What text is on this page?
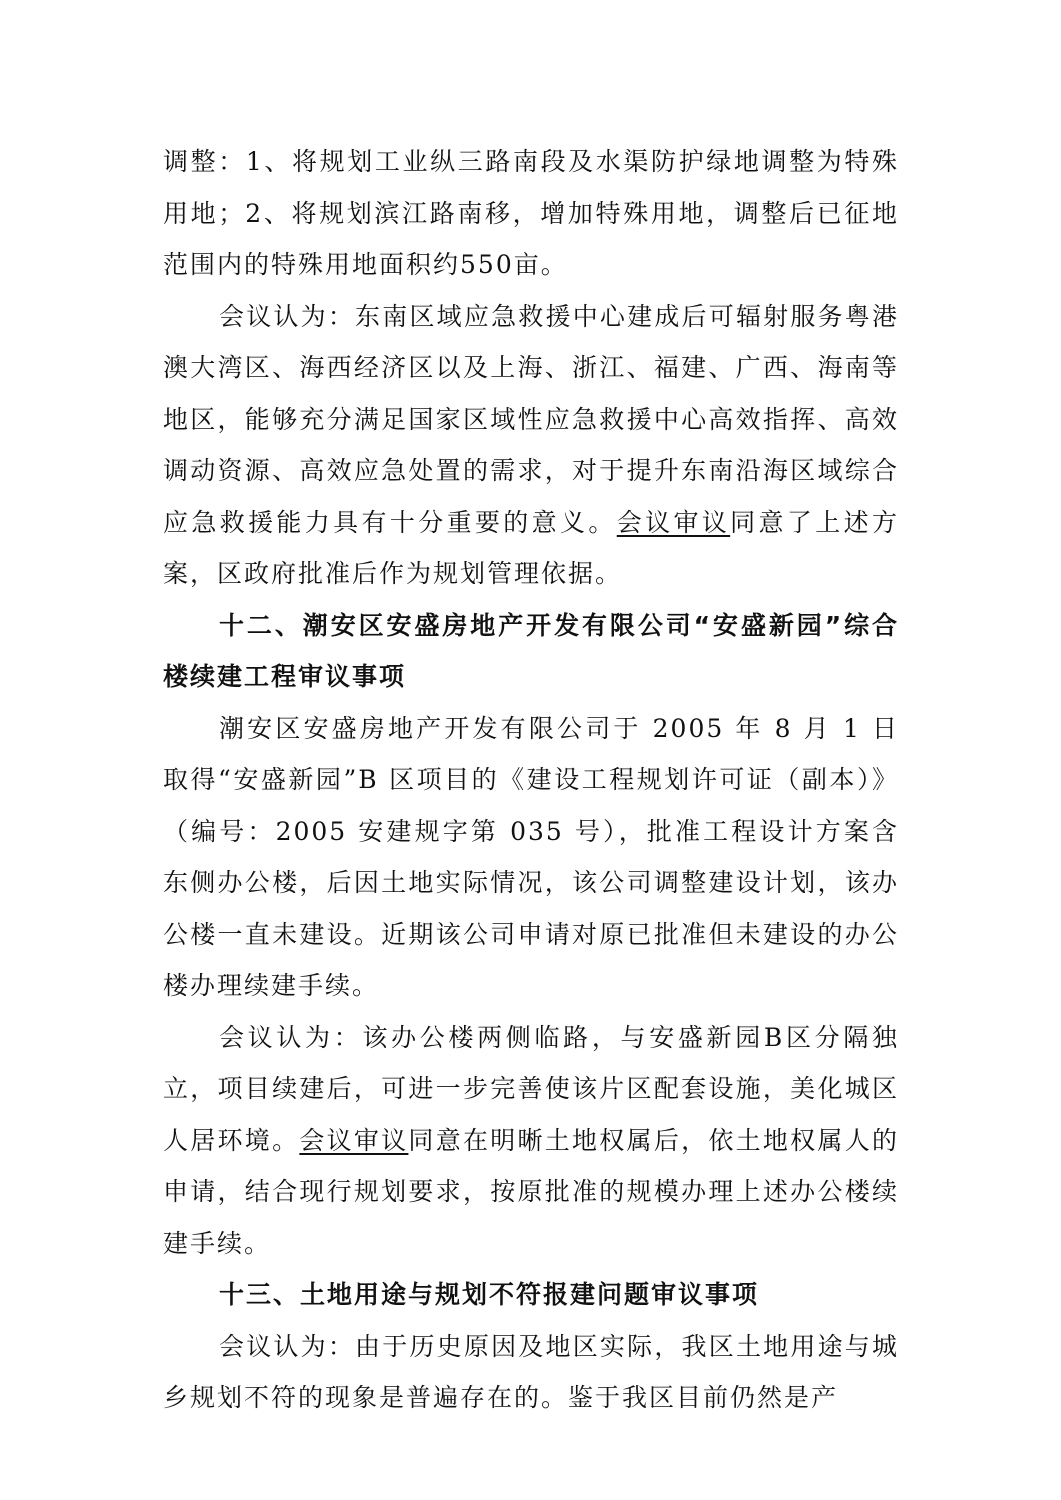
调整：1、将规划工业纵三路南段及水渠防护绿地调整为特殊用地；2、将规划滨江路南移，增加特殊用地，调整后已征地范围内的特殊用地面积约550亩。

会议认为：东南区域应急救援中心建成后可辐射服务粤港澳大湾区、海西经济区以及上海、浙江、福建、广西、海南等地区，能够充分满足国家区域性应急救援中心高效指挥、高效调动资源、高效应急处置的需求，对于提升东南沿海区域综合应急救援能力具有十分重要的意义。会议审议同意了上述方案，区政府批准后作为规划管理依据。

十二、潮安区安盛房地产开发有限公司“安盛新园”综合楼续建工程审议事项

潮安区安盛房地产开发有限公司于 2005 年 8 月 1 日取得“安盛新园”B 区项目的《建设工程规划许可证（副本）》（编号：2005 安建规字第 035 号），批准工程设计方案含东侧办公楼，后因土地实际情况，该公司调整建设计划，该办公楼一直未建设。近期该公司申请对原已批准但未建设的办公楼办理续建手续。

会议认为：该办公楼两侧临路，与安盛新园B区分隔独立，项目续建后，可进一步完善使该片区配套设施，美化城区人居环境。会议审议同意在明晰土地权属后，依土地权属人的申请，结合现行规划要求，按原批准的规模办理上述办公楼续建手续。

十三、土地用途与规划不符报建问题审议事项

会议认为：由于历史原因及地区实际，我区土地用途与城乡规划不符的现象是普遍存在的。鉴于我区目前仍然是产
